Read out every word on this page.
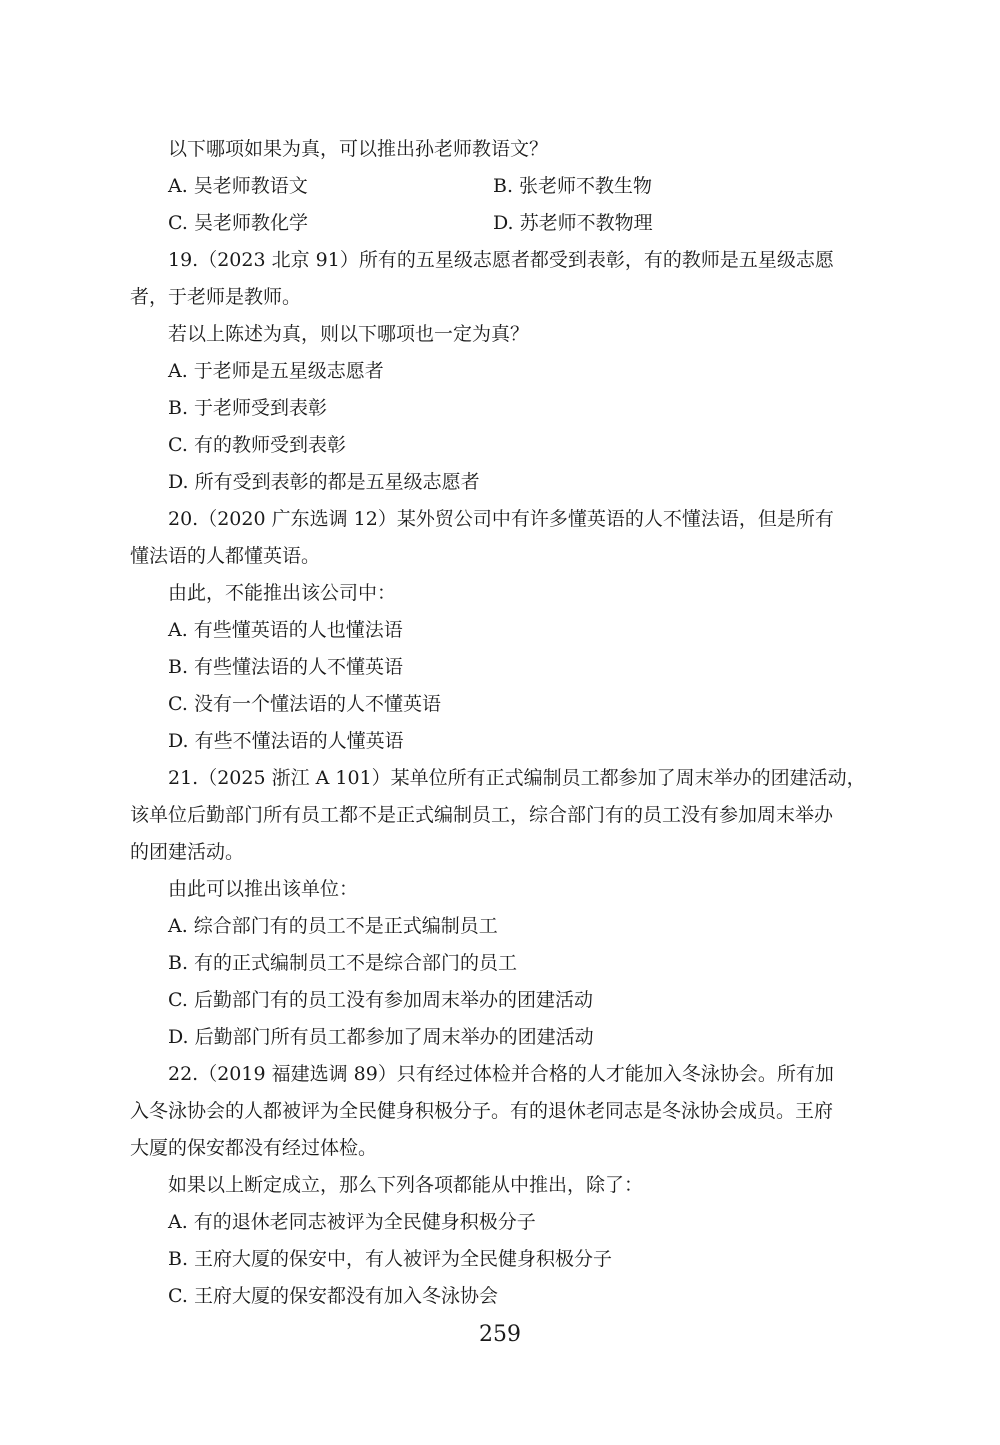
以下哪项如果为真，可以推出孙老师教语文？
A. 吴老师教语文	B. 张老师不教生物
C. 吴老师教化学	D. 苏老师不教物理
19.（2023 北京 91）所有的五星级志愿者都受到表彰，有的教师是五星级志愿
者，于老师是教师。
若以上陈述为真，则以下哪项也一定为真？
A. 于老师是五星级志愿者
B. 于老师受到表彰
C. 有的教师受到表彰
D. 所有受到表彰的都是五星级志愿者
20.（2020 广东选调 12）某外贸公司中有许多懂英语的人不懂法语，但是所有
懂法语的人都懂英语。
由此，不能推出该公司中：
A. 有些懂英语的人也懂法语
B. 有些懂法语的人不懂英语
C. 没有一个懂法语的人不懂英语
D. 有些不懂法语的人懂英语
21.（2025 浙江 A 101）某单位所有正式编制员工都参加了周末举办的团建活动，
该单位后勤部门所有员工都不是正式编制员工，综合部门有的员工没有参加周末举办
的团建活动。
由此可以推出该单位：
A. 综合部门有的员工不是正式编制员工
B. 有的正式编制员工不是综合部门的员工
C. 后勤部门有的员工没有参加周末举办的团建活动
D. 后勤部门所有员工都参加了周末举办的团建活动
22.（2019 福建选调 89）只有经过体检并合格的人才能加入冬泳协会。所有加
入冬泳协会的人都被评为全民健身积极分子。有的退休老同志是冬泳协会成员。王府
大厦的保安都没有经过体检。
如果以上断定成立，那么下列各项都能从中推出，除了：
A. 有的退休老同志被评为全民健身积极分子
B. 王府大厦的保安中，有人被评为全民健身积极分子
C. 王府大厦的保安都没有加入冬泳协会
259
